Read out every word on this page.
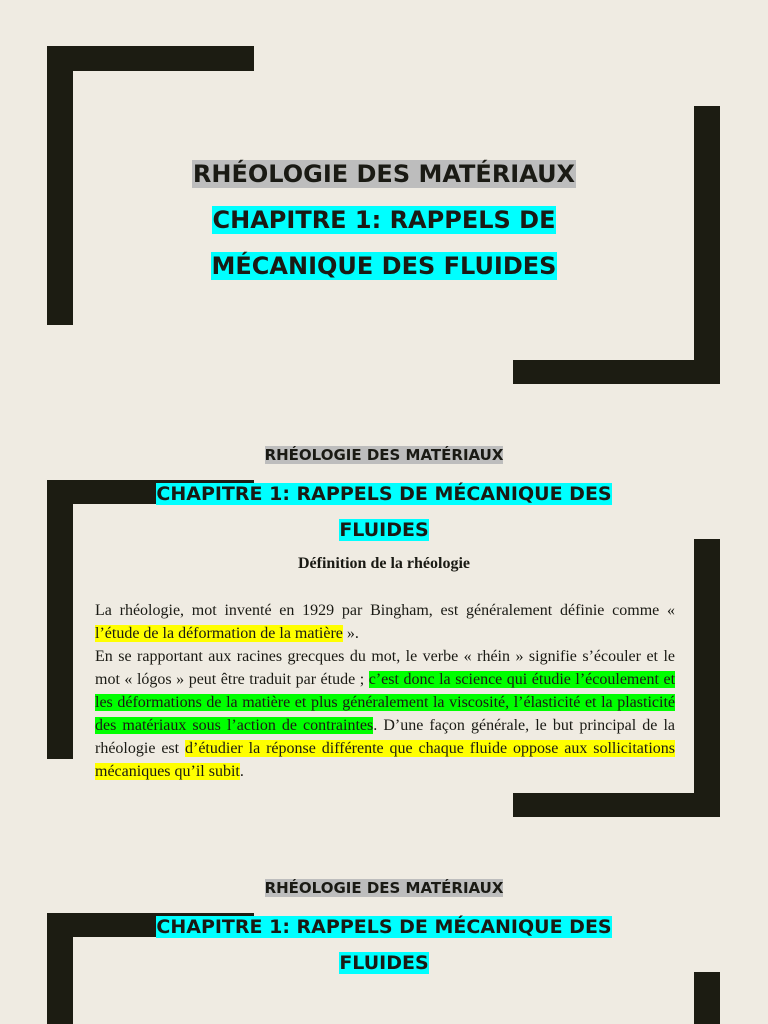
RHÉOLOGIE DES MATÉRIAUX
CHAPITRE 1: RAPPELS DE
MÉCANIQUE DES FLUIDES
RHÉOLOGIE DES MATÉRIAUX
CHAPITRE 1: RAPPELS DE MÉCANIQUE DES
FLUIDES
Définition de la rhéologie

La rhéologie, mot inventé en 1929 par Bingham, est généralement définie comme « l’étude de la déformation de la matière ».

En se rapportant aux racines grecques du mot, le verbe « rhéin » signifie s’écouler et le mot « lógos » peut être traduit par étude ; c’est donc la science qui étudie l’écoulement et les déformations de la matière et plus généralement la viscosité, l’élasticité et la plasticité des matériaux sous l’action de contraintes. D’une façon générale, le but principal de la rhéologie est d’étudier la réponse différente que chaque fluide oppose aux sollicitations mécaniques qu’il subit.

RHÉOLOGIE DES MATÉRIAUX
CHAPITRE 1: RAPPELS DE MÉCANIQUE DES
FLUIDES
